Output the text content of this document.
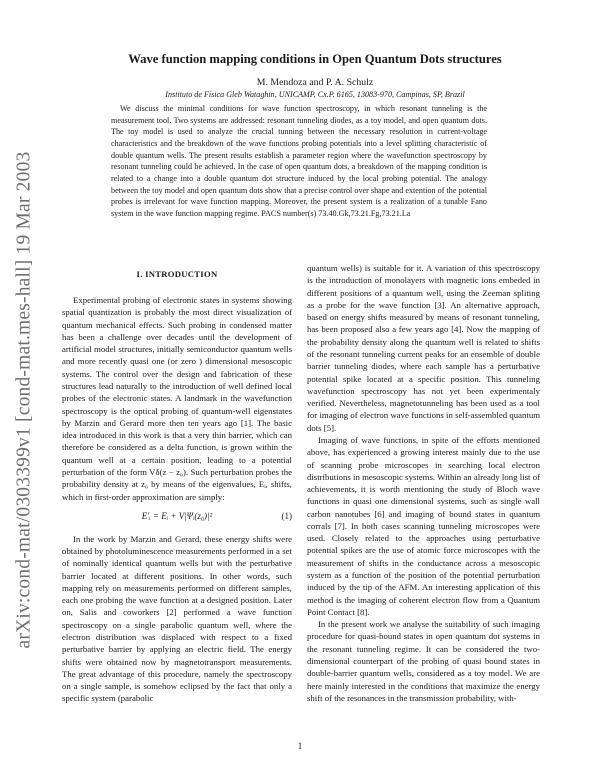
arXiv:cond-mat/0303399v1 [cond-mat.mes-hall] 19 Mar 2003
Wave function mapping conditions in Open Quantum Dots structures
M. Mendoza and P. A. Schulz
Instituto de Física Gleb Wataghin, UNICAMP, Cx.P. 6165, 13083-970, Campinas, SP, Brazil

We discuss the minimal conditions for wave function spectroscopy, in which resonant tunneling is the measurement tool. Two systems are addressed: resonant tunneling diodes, as a toy model, and open quantum dots. The toy model is used to analyze the crucial tunning between the necessary resolution in current-voltage characteristics and the breakdown of the wave functions probing potentials into a level splitting characteristic of double quantum wells. The present results establish a parameter region where the wavefunction spectroscopy by resonant tunneling could be achieved. In the case of open quantum dots, a breakdown of the mapping condition is related to a change into a double quantum dot structure induced by the local probing potential. The analogy between the toy model and open quantum dots show that a precise control over shape and extention of the potential probes is irrelevant for wave function mapping. Moreover, the present system is a realization of a tunable Fano system in the wave function mapping regime. PACS number(s) 73.40.Gk,73.21.Fg,73.21.La

I. INTRODUCTION

Experimental probing of electronic states in systems showing spatial quantization is probably the most direct visualization of quantum mechanical effects. Such probing in condensed matter has been a challenge over decades until the development of artificial model structures, initially semiconductor quantum wells and more recently quasi one (or zero ) dimensional mesoscopic systems. The control over the design and fabrication of these structures lead naturally to the introduction of well defined local probes of the electronic states. A landmark in the wavefunction spectroscopy is the optical probing of quantum-well eigenstates by Marzin and Gerard more then ten years ago [1]. The basic idea introduced in this work is that a very thin barrier, which can therefore be considered as a delta function, is grown within the quantum well at a certain position, leading to a potential perturbation of the form Vδ(z − z₀). Such perturbation probes the probability density at z₀ by means of the eigenvalues, Eᵢ, shifts, which in first-order approximation are simply:

E′ᵢ = Eᵢ + V|Ψᵢ(z₀)|²	(1)

In the work by Marzin and Gerard, these energy shifts were obtained by photoluminescence measurements performed in a set of nominally identical quantum wells but with the perturbative barrier located at different positions. In other words, such mapping rely on measurements performed on different samples, each one probing the wave function at a designed position. Later on, Salis and coworkers [2] performed a wave function spectroscopy on a single parabolic quantum well, where the electron distribution was displaced with respect to a fixed perturbative barrier by applying an electric field. The energy shifts were obtained now by magnetotransport measurements. The great advantage of this procedure, namely the spectroscopy on a single sample, is somehow eclipsed by the fact that only a specific system (parabolic

quantum wells) is suitable for it. A variation of this spectroscopy is the introduction of monolayers with magnetic ions embeded in different positions of a quantum well, using the Zeeman spliting as a probe for the wave function [3]. An alternative approach, based on energy shifts measured by means of resonant tunneling, has been proposed also a few years ago [4]. Now the mapping of the probability density along the quantum well is related to shifts of the resonant tunneling current peaks for an ensemble of double barrier tunneling diodes, where each sample has a perturbative potential spike located at a specific position. This tunneling wavefunction spectroscopy has not yet been experimentaly verified. Nevertheless, magnetotunneling has been used as a tool for imaging of electron wave functions in self-assembled quantum dots [5].

Imaging of wave functions, in spite of the efforts mentioned above, has experienced a growing interest mainly due to the use of scanning probe microscopes in searching local electron distributions in mesoscopic systems. Within an already long list of achievements, it is worth mentioning the study of Bloch wave functions in quasi one dimensional systems, such as single wall carbon nanotubes [6] and imaging of bound states in quantum corrals [7]. In both cases scanning tunneling microscopes were used. Closely related to the approaches using perturbative potential spikes are the use of atomic force microscopes with the measurement of shifts in the conductance across a mesoscopic system as a function of the position of the potential perturbation induced by the tip of the AFM. An interesting application of this method is the imaging of coherent electron flow from a Quantum Point Contact [8].

In the present work we analyse the suitability of such imaging procedure for quasi-bound states in open quantum dot systems in the resonant tunneling regime. It can be considered the two-dimensional counterpart of the probing of quasi bound states in double-barrier quantum wells, considered as a toy model. We are here mainly interested in the conditions that maximize the energy shift of the resonances in the transmission probability, with-

1
